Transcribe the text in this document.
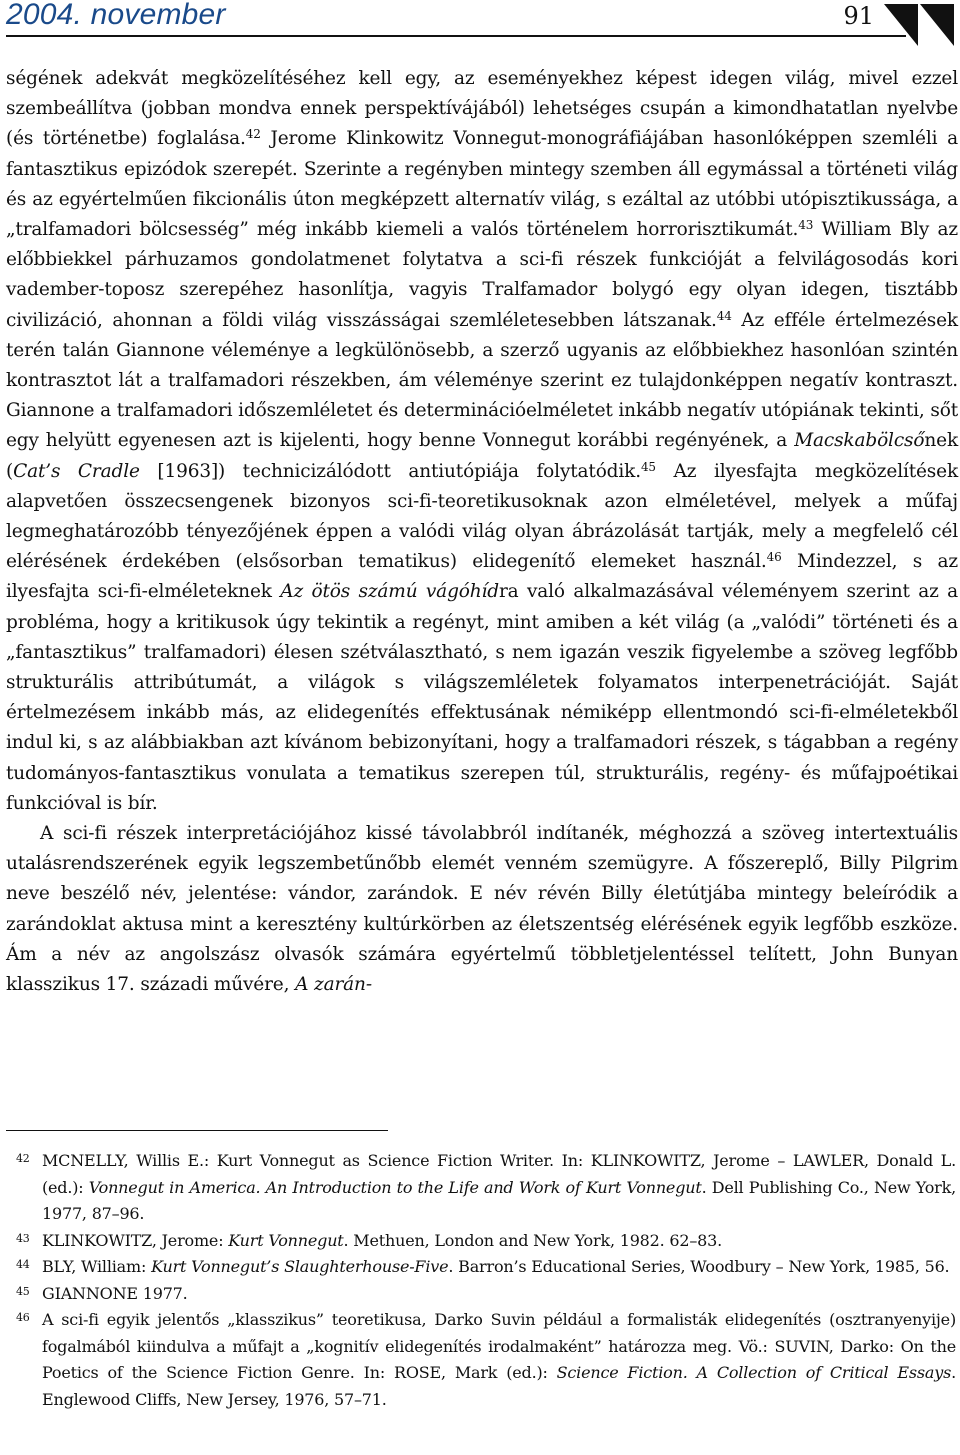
2004. november	91

ségének adekvát megközelítéséhez kell egy, az eseményekhez képest idegen világ, mivel ezzel szembeállítva (jobban mondva ennek perspektívájából) lehetséges csupán a kimondhatatlan nyelvbe (és történetbe) foglalása.$^{42}$ Jerome Klinkowitz Vonnegut-monográfiájában hasonlóképpen szemléli a fantasztikus epizódok szerepét. Szerinte a regényben mintegy szemben áll egymással a történeti világ és az egyértelműen fikcionális úton megképzett alternatív világ, s ezáltal az utóbbi utópisztikussága, a „tralfamadori bölcsesség” még inkább kiemeli a valós történelem horrorisztikumát.$^{43}$ William Bly az előbbiekkel párhuzamos gondolatmenet folytatva a sci-fi részek funkcióját a felvilágosodás kori vadember-toposz szerepéhez hasonlítja, vagyis Tralfamador bolygó egy olyan idegen, tisztább civilizáció, ahonnan a földi világ visszásságai szemléletesebben látszanak.$^{44}$ Az efféle értelmezések terén talán Giannone véleménye a legkülönösebb, a szerző ugyanis az előbbiekhez hasonlóan szintén kontrasztot lát a tralfamadori részekben, ám véleménye szerint ez tulajdonképpen negatív kontraszt. Giannone a tralfamadori időszemléletet és determinációelméletet inkább negatív utópiának tekinti, sőt egy helyütt egyenesen azt is kijelenti, hogy benne Vonnegut korábbi regényének, a Macskabölcsőnek (Cat’s Cradle [1963]) technicizálódott antiutópiája folytatódik.$^{45}$ Az ilyesfajta megközelítések alapvetően összecsengenek bizonyos sci-fi-teoretikusoknak azon elméletével, melyek a műfaj legmeghatározóbb tényezőjének éppen a valódi világ olyan ábrázolását tartják, mely a megfelelő cél elérésének érdekében (elsősorban tematikus) elidegenítő elemeket használ.$^{46}$ Mindezzel, s az ilyesfajta sci-fi-elméleteknek Az ötös számú vágóhídra való alkalmazásával véleményem szerint az a probléma, hogy a kritikusok úgy tekintik a regényt, mint amiben a két világ (a „valódi” történeti és a „fantasztikus” tralfamadori) élesen szétválasztható, s nem igazán veszik figyelembe a szöveg legfőbb strukturális attribútumát, a világok s világszemléletek folyamatos interpenetrációját. Saját értelmezésem inkább más, az elidegenítés effektusának némiképp ellentmondó sci-fi-elméletekből indul ki, s az alábbiakban azt kívánom bebizonyítani, hogy a tralfamadori részek, s tágabban a regény tudományos-fantasztikus vonulata a tematikus szerepen túl, strukturális, regény- és műfajpoétikai funkcióval is bír.

A sci-fi részek interpretációjához kissé távolabbról indítanék, méghozzá a szöveg intertextuális utalásrendszerének egyik legszembetűnőbb elemét venném szemügyre. A főszereplő, Billy Pilgrim neve beszélő név, jelentése: vándor, zarándok. E név révén Billy életútjába mintegy beleíródik a zarándoklat aktusa mint a keresztény kultúrkörben az életszentség elérésének egyik legfőbb eszköze. Ám a név az angolszász olvasók számára egyértelmű többletjelentéssel telített, John Bunyan klasszikus 17. századi művére, A zarán-

42 MCNELLY, Willis E.: Kurt Vonnegut as Science Fiction Writer. In: KLINKOWITZ, Jerome – LAWLER, Donald L. (ed.): Vonnegut in America. An Introduction to the Life and Work of Kurt Vonnegut. Dell Publishing Co., New York, 1977, 87–96.
43 KLINKOWITZ, Jerome: Kurt Vonnegut. Methuen, London and New York, 1982. 62–83.
44 BLY, William: Kurt Vonnegut’s Slaughterhouse-Five. Barron’s Educational Series, Woodbury – New York, 1985, 56.
45 GIANNONE 1977.
46 A sci-fi egyik jelentős „klasszikus” teoretikusa, Darko Suvin például a formalisták elidegenítés (osztranyenyije) fogalmából kiindulva a műfajt a „kognitív elidegenítés irodalmaként” határozza meg. Vö.: SUVIN, Darko: On the Poetics of the Science Fiction Genre. In: ROSE, Mark (ed.): Science Fiction. A Collection of Critical Essays. Englewood Cliffs, New Jersey, 1976, 57–71.
